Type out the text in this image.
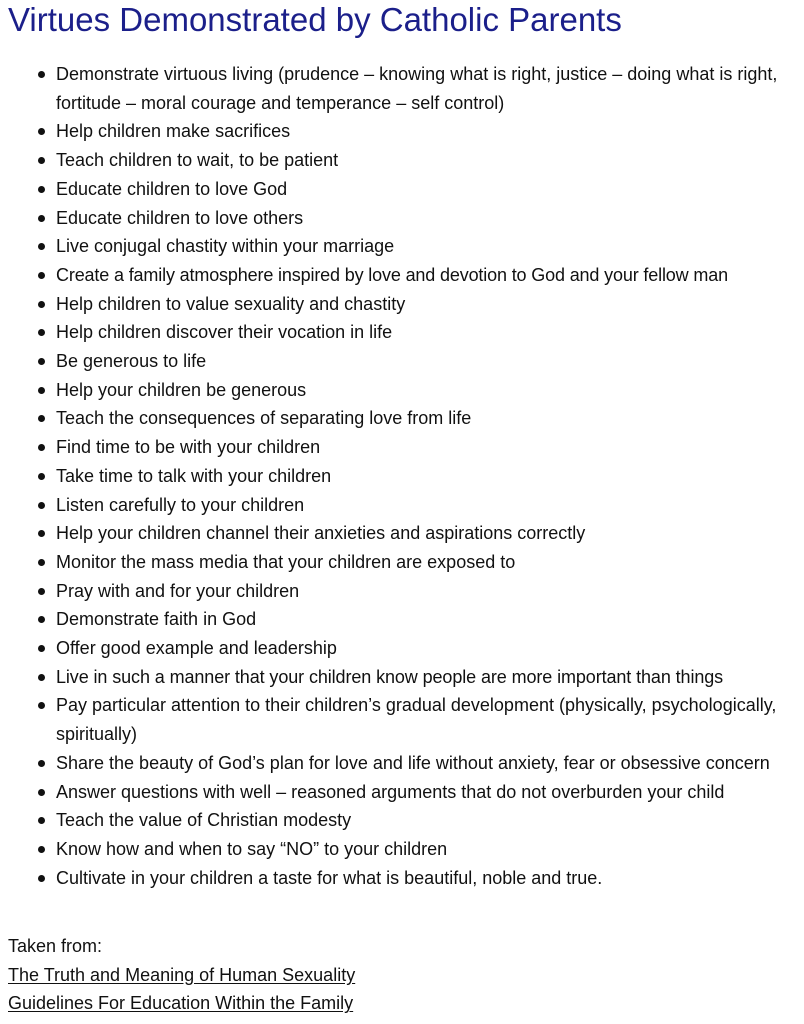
Virtues Demonstrated by Catholic Parents
Demonstrate virtuous living (prudence – knowing what is right, justice – doing what is right, fortitude – moral courage and temperance – self control)
Help children make sacrifices
Teach children to wait, to be patient
Educate children to love God
Educate children to love others
Live conjugal chastity within your marriage
Create a family atmosphere inspired by love and devotion to God and your fellow man
Help children to value sexuality and chastity
Help children discover their vocation in life
Be generous to life
Help your children be generous
Teach the consequences of separating love from life
Find time to be with your children
Take time to talk with your children
Listen carefully to your children
Help your children channel their anxieties and aspirations correctly
Monitor the mass media that your children are exposed to
Pray with and for your children
Demonstrate faith in God
Offer good example and leadership
Live in such a manner that your children know people are more important than things
Pay particular attention to their children’s gradual development (physically, psychologically, spiritually)
Share the beauty of God’s plan for love and life without anxiety, fear or obsessive concern
Answer questions with well – reasoned arguments that do not overburden your child
Teach the value of Christian modesty
Know how and when to say “NO” to your children
Cultivate in your children a taste for what is beautiful, noble and true.
Taken from:
The Truth and Meaning of Human Sexuality
Guidelines For Education Within the Family
